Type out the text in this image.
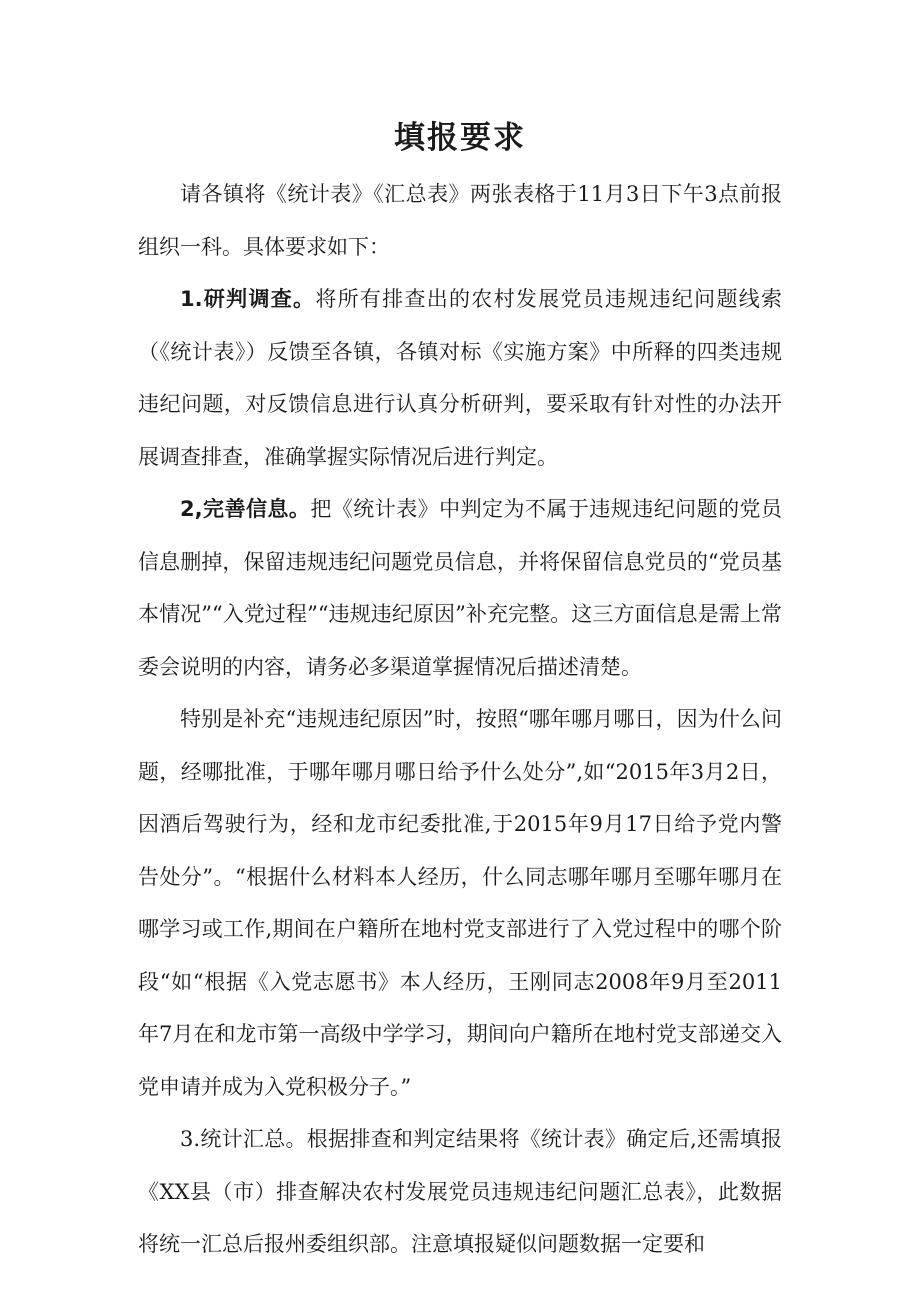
填报要求

请各镇将《统计表》《汇总表》两张表格于11月3日下午3点前报组织一科。具体要求如下：

1.研判调查。将所有排查出的农村发展党员违规违纪问题线索（《统计表》）反馈至各镇，各镇对标《实施方案》中所释的四类违规违纪问题，对反馈信息进行认真分析研判，要采取有针对性的办法开展调查排查，准确掌握实际情况后进行判定。

2,完善信息。把《统计表》中判定为不属于违规违纪问题的党员信息删掉，保留违规违纪问题党员信息，并将保留信息党员的“党员基本情况”“入党过程”“违规违纪原因”补充完整。这三方面信息是需上常委会说明的内容，请务必多渠道掌握情况后描述清楚。

特别是补充“违规违纪原因”时，按照“哪年哪月哪日，因为什么问题，经哪批准，于哪年哪月哪日给予什么处分”,如“2015年3月2日，因酒后驾驶行为，经和龙市纪委批准,于2015年9月17日给予党内警告处分”。“根据什么材料本人经历，什么同志哪年哪月至哪年哪月在哪学习或工作,期间在户籍所在地村党支部进行了入党过程中的哪个阶段“如“根据《入党志愿书》本人经历，王刚同志2008年9月至2011年7月在和龙市第一高级中学学习，期间向户籍所在地村党支部递交入党申请并成为入党积极分子。”

3.统计汇总。根据排查和判定结果将《统计表》确定后,还需填报《XX县（市）排查解决农村发展党员违规违纪问题汇总表》，此数据将统一汇总后报州委组织部。注意填报疑似问题数据一定要和
